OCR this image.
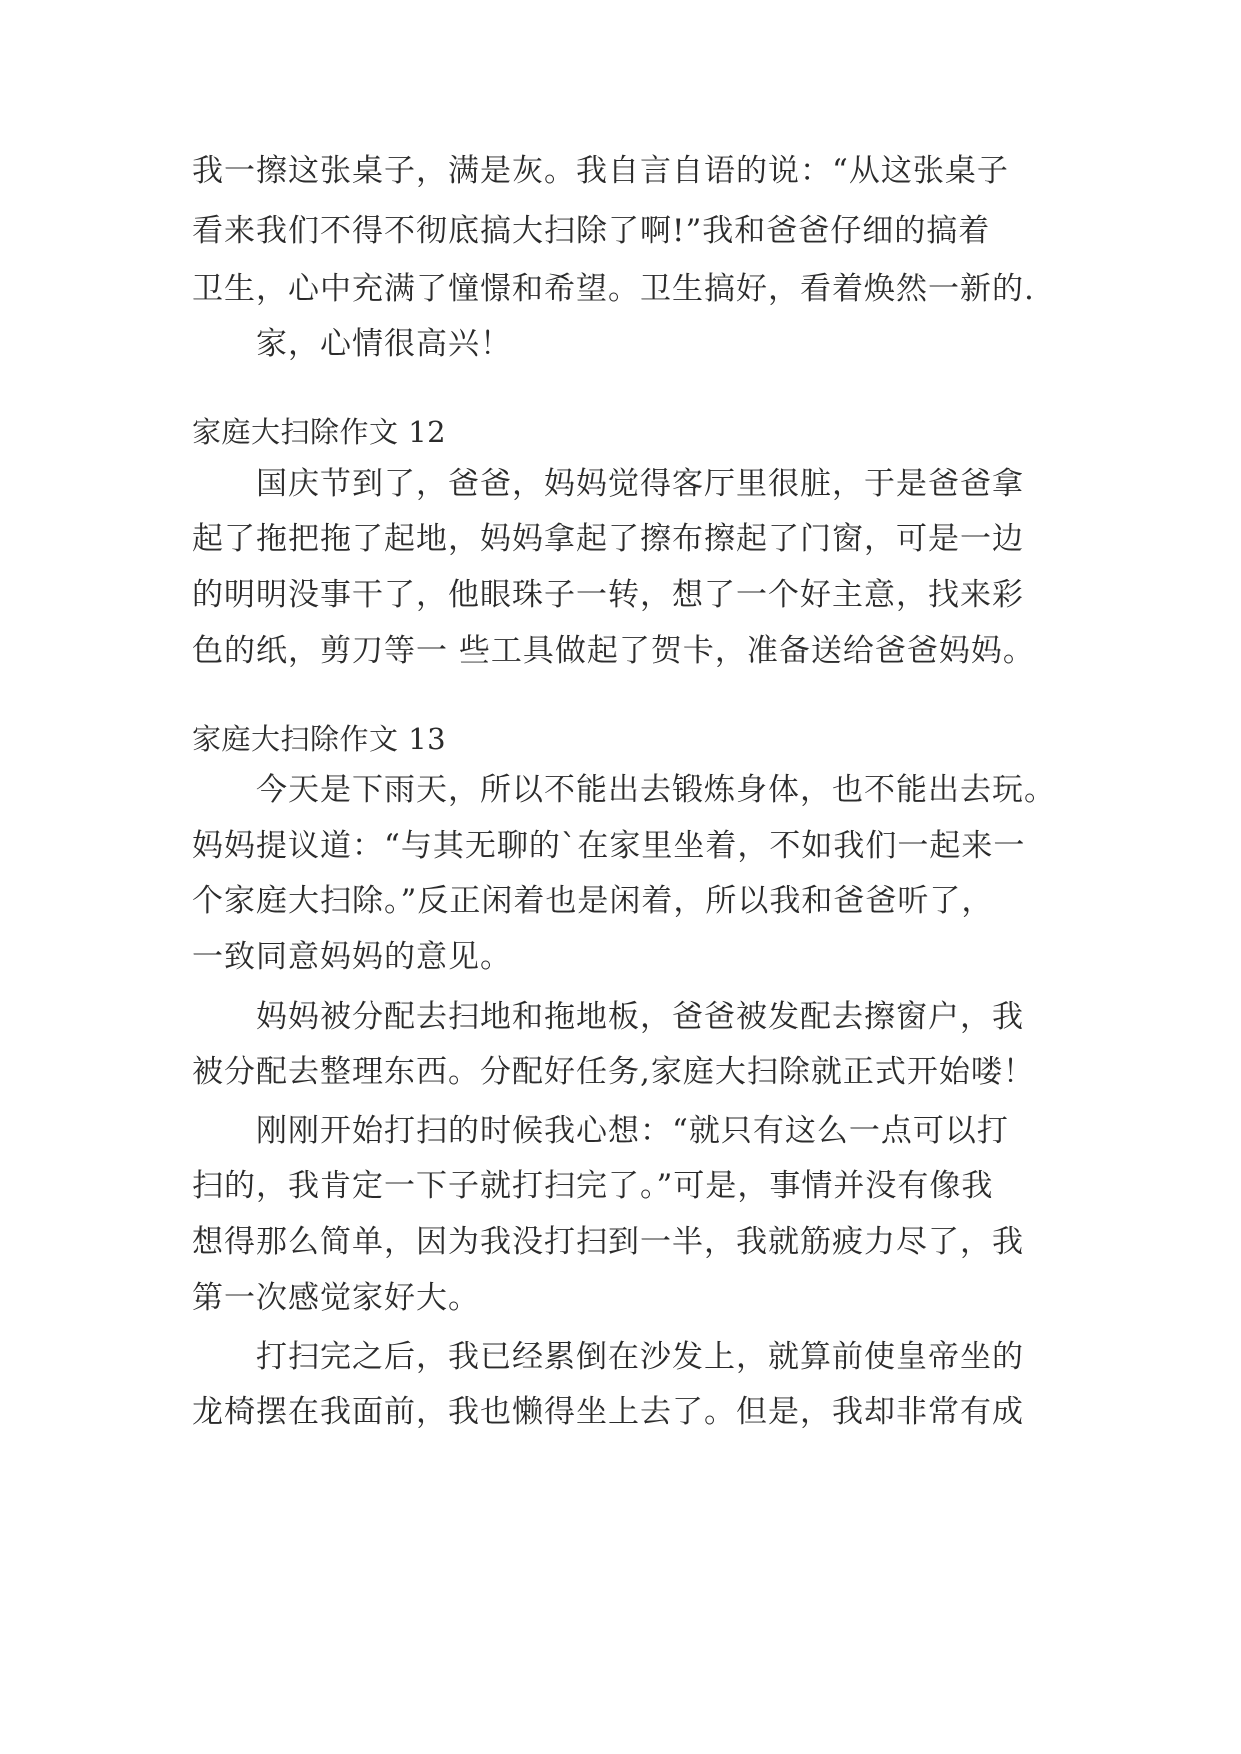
我一擦这张桌子，满是灰。我自言自语的说：“从这张桌子
看来我们不得不彻底搞大扫除了啊!”我和爸爸仔细的搞着
卫生，心中充满了憧憬和希望。卫生搞好，看着焕然一新的.
家，心情很高兴！
家庭大扫除作文 12
国庆节到了，爸爸，妈妈觉得客厅里很脏，于是爸爸拿
起了拖把拖了起地，妈妈拿起了擦布擦起了门窗，可是一边
的明明没事干了，他眼珠子一转，想了一个好主意，找来彩
色的纸，剪刀等一 些工具做起了贺卡，准备送给爸爸妈妈。
家庭大扫除作文 13
今天是下雨天，所以不能出去锻炼身体，也不能出去玩。
妈妈提议道：“与其无聊的`在家里坐着，不如我们一起来一
个家庭大扫除。”反正闲着也是闲着，所以我和爸爸听了，
一致同意妈妈的意见。
妈妈被分配去扫地和拖地板，爸爸被发配去擦窗户，我
被分配去整理东西。分配好任务,家庭大扫除就正式开始喽！
刚刚开始打扫的时候我心想：“就只有这么一点可以打
扫的，我肯定一下子就打扫完了。”可是，事情并没有像我
想得那么简单，因为我没打扫到一半，我就筋疲力尽了，我
第一次感觉家好大。
打扫完之后，我已经累倒在沙发上，就算前使皇帝坐的
龙椅摆在我面前，我也懒得坐上去了。但是，我却非常有成
